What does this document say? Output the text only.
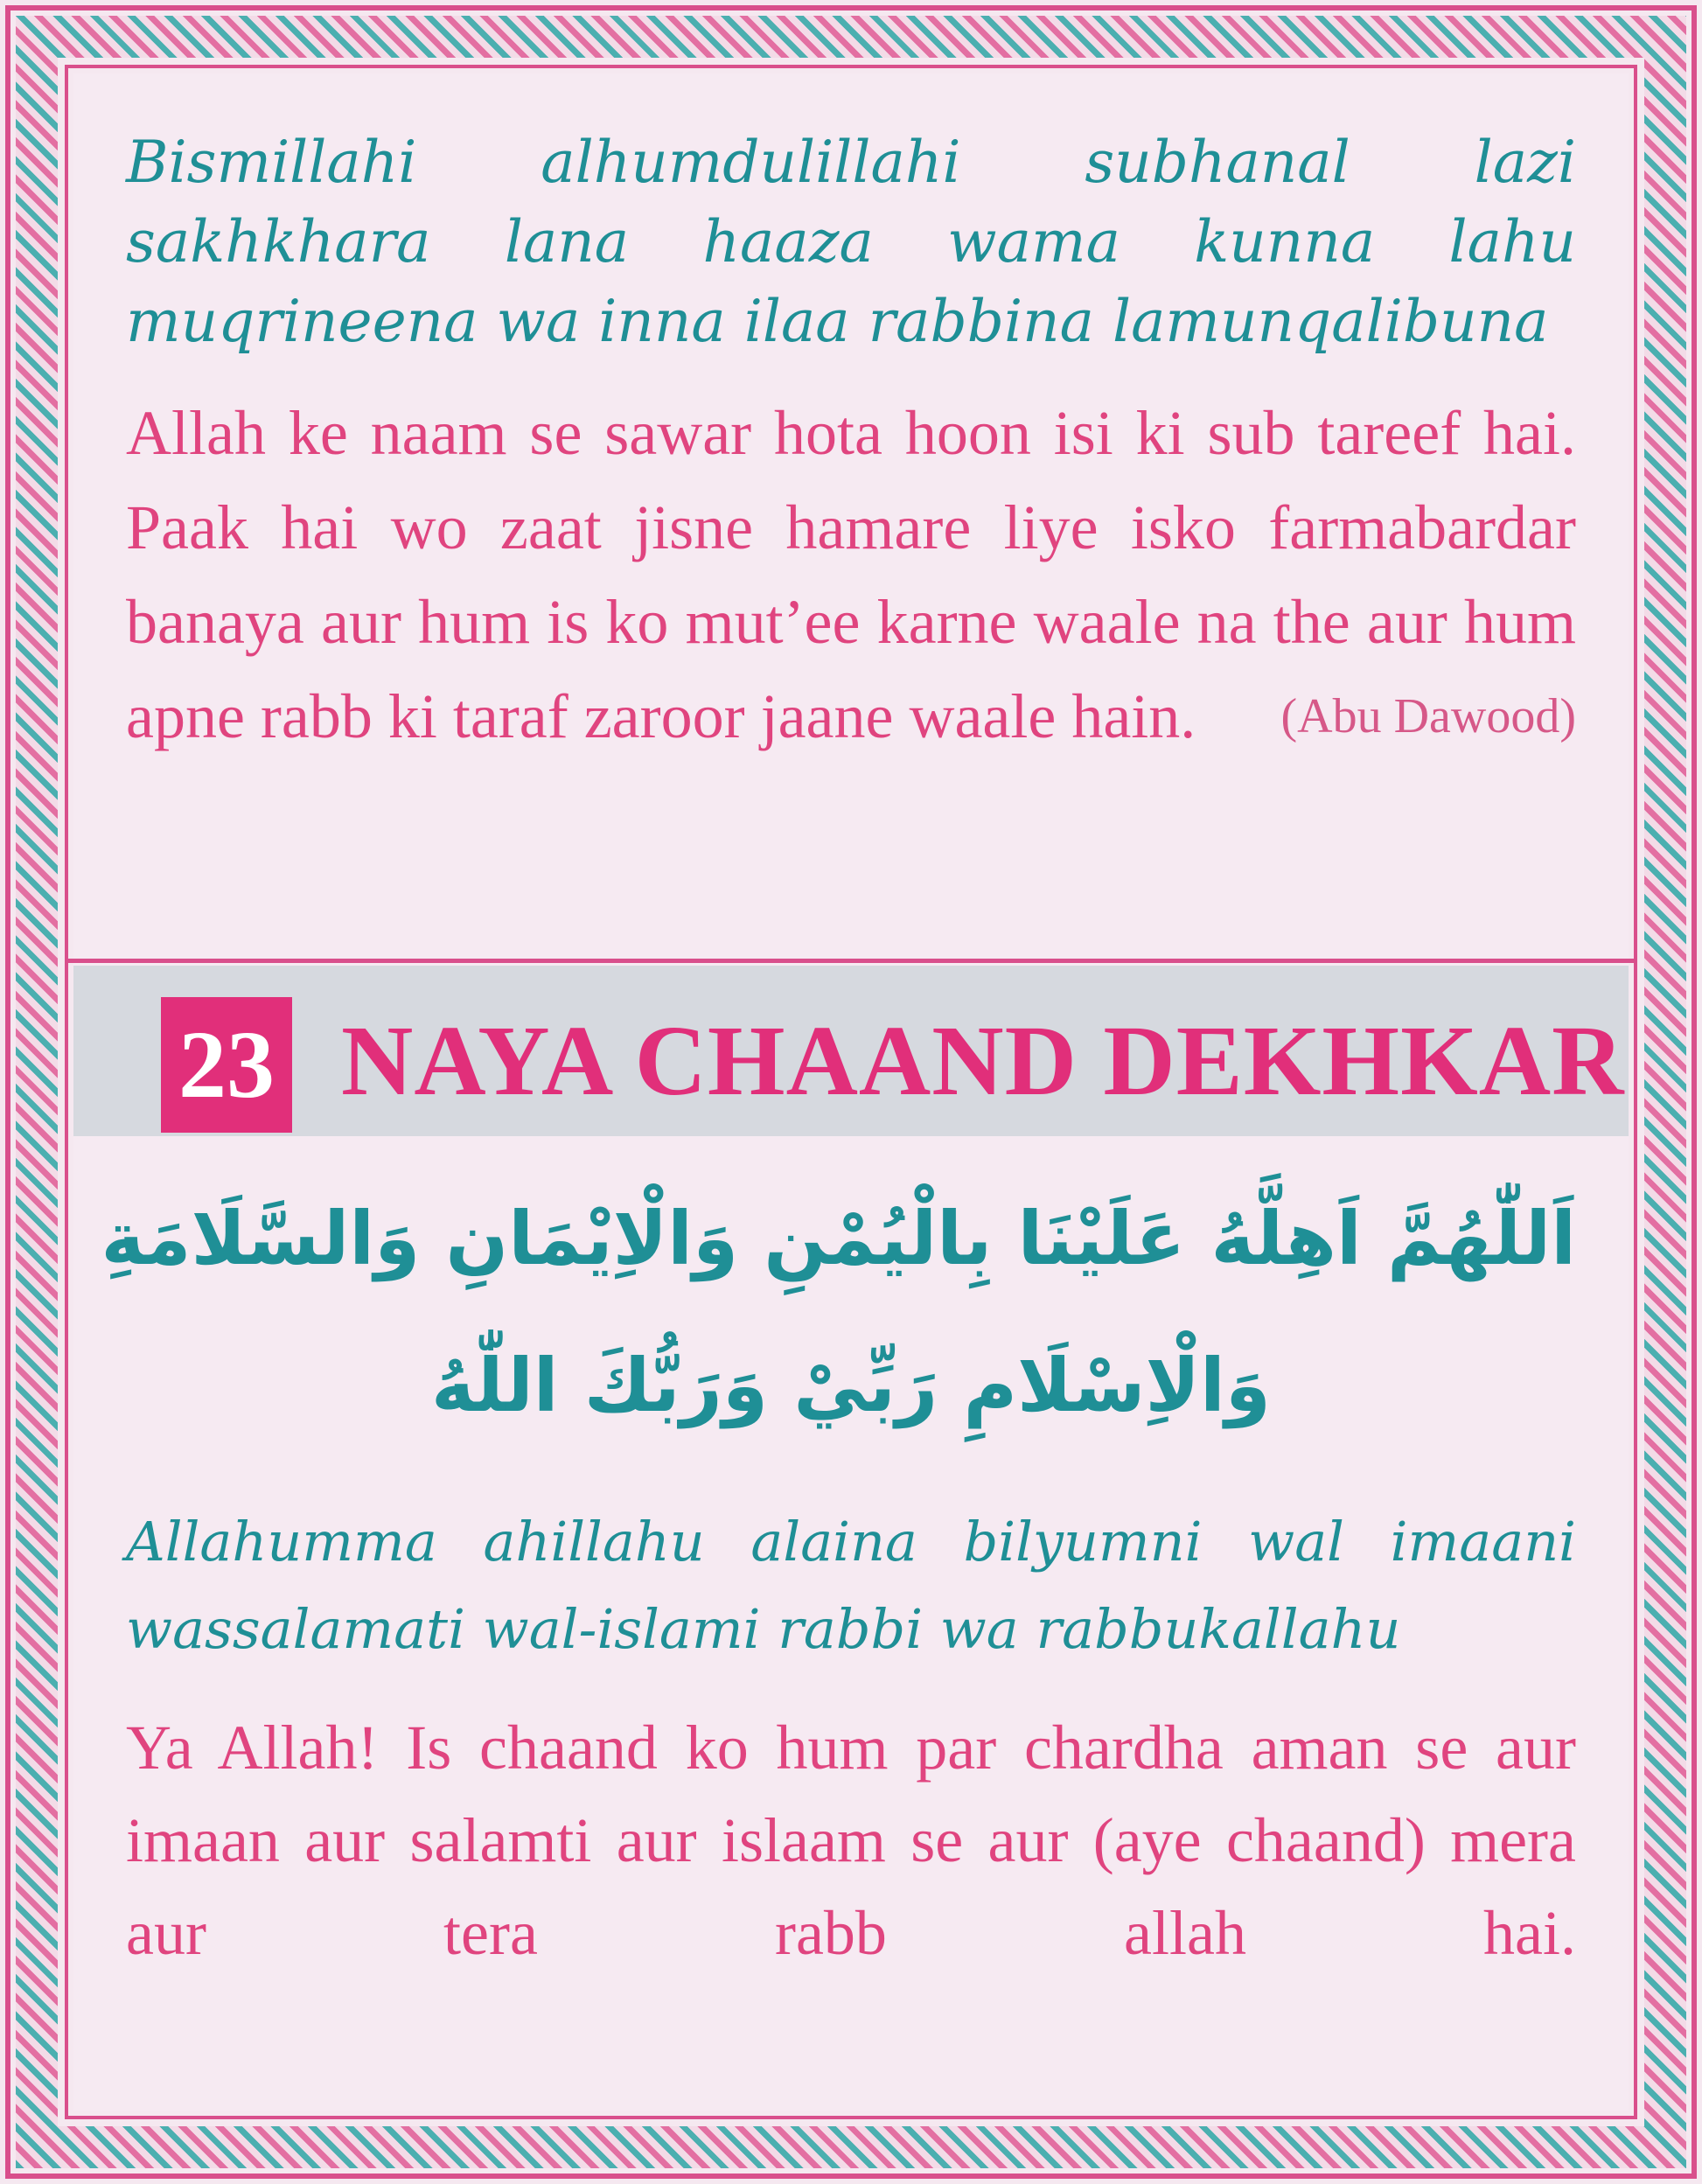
Bismillahi alhumdulillahi subhanal lazi sakhkhara lana haaza wama kunna lahu muqrineena wa inna ilaa rabbina lamunqalibuna

Allah ke naam se sawar hota hoon isi ki sub tareef hai. Paak hai wo zaat jisne hamare liye isko farmabardar banaya aur hum is ko mut’ee karne waale na the aur hum apne rabb ki taraf zaroor jaane waale hain. (Abu Dawood)

23 NAYA CHAAND DEKHKAR

اَللّٰهُمَّ اَهِلَّهُ عَلَيْنَا بِالْيُمْنِ وَالْاِيْمَانِ وَالسَّلَامَةِ

وَالْاِسْلَامِ رَبِّيْ وَرَبُّكَ اللّٰهُ

Allahumma ahillahu alaina bilyumni wal imaani wassalamati wal-islami rabbi wa rabbukallahu

Ya Allah! Is chaand ko hum par chardha aman se aur imaan aur salamti aur islaam se aur (aye chaand) mera aur tera rabb allah hai.
